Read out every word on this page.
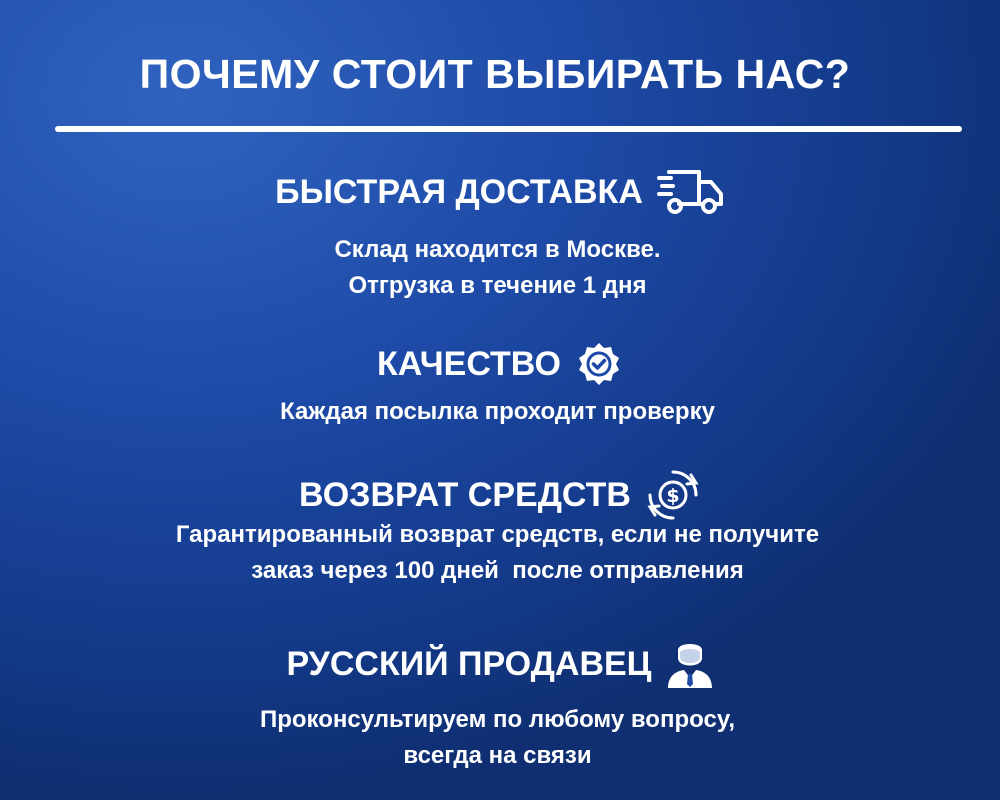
ПОЧЕМУ СТОИТ ВЫБИРАТЬ НАС?
БЫСТРАЯ ДОСТАВКА

Склад находится в Москве.
Отгрузка в течение 1 дня

КАЧЕСТВО

Каждая посылка проходит проверку

ВОЗВРАТ СРЕДСТВ $

Гарантированный возврат средств, если не получите
заказ через 100 дней  после отправления

РУССКИЙ ПРОДАВЕЦ

Проконсультируем по любому вопросу,
всегда на связи
